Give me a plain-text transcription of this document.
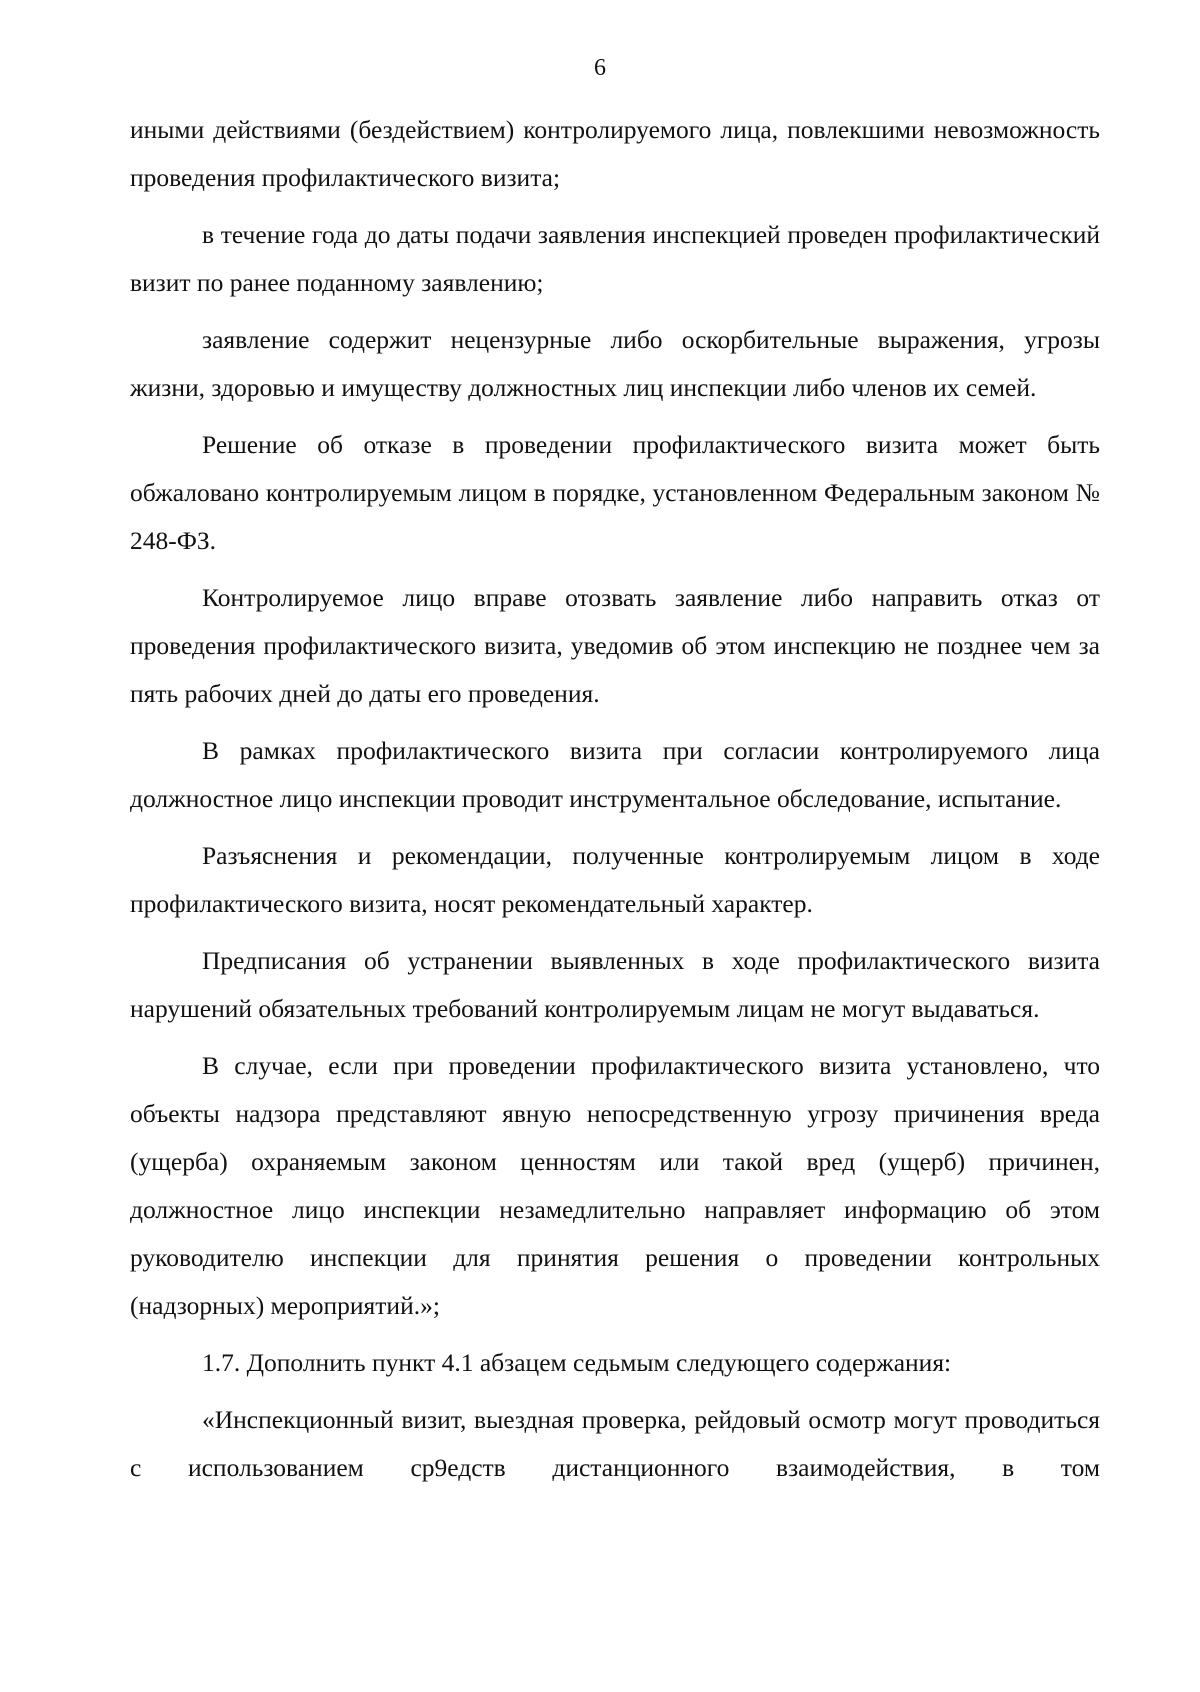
6

иными действиями (бездействием) контролируемого лица, повлекшими невозможность проведения профилактического визита;

в течение года до даты подачи заявления инспекцией проведен профилактический визит по ранее поданному заявлению;

заявление содержит нецензурные либо оскорбительные выражения, угрозы жизни, здоровью и имуществу должностных лиц инспекции либо членов их семей.

Решение об отказе в проведении профилактического визита может быть обжаловано контролируемым лицом в порядке, установленном Федеральным законом № 248-ФЗ.

Контролируемое лицо вправе отозвать заявление либо направить отказ от проведения профилактического визита, уведомив об этом инспекцию не позднее чем за пять рабочих дней до даты его проведения.

В рамках профилактического визита при согласии контролируемого лица должностное лицо инспекции проводит инструментальное обследование, испытание.

Разъяснения и рекомендации, полученные контролируемым лицом в ходе профилактического визита, носят рекомендательный характер.

Предписания об устранении выявленных в ходе профилактического визита нарушений обязательных требований контролируемым лицам не могут выдаваться.

В случае, если при проведении профилактического визита установлено, что объекты надзора представляют явную непосредственную угрозу причинения вреда (ущерба) охраняемым законом ценностям или такой вред (ущерб) причинен, должностное лицо инспекции незамедлительно направляет информацию об этом руководителю инспекции для принятия решения о проведении контрольных (надзорных) мероприятий.»;

1.7. Дополнить пункт 4.1 абзацем седьмым следующего содержания:

«Инспекционный визит, выездная проверка, рейдовый осмотр могут проводиться с использованием ср9едств дистанционного взаимодействия, в том
